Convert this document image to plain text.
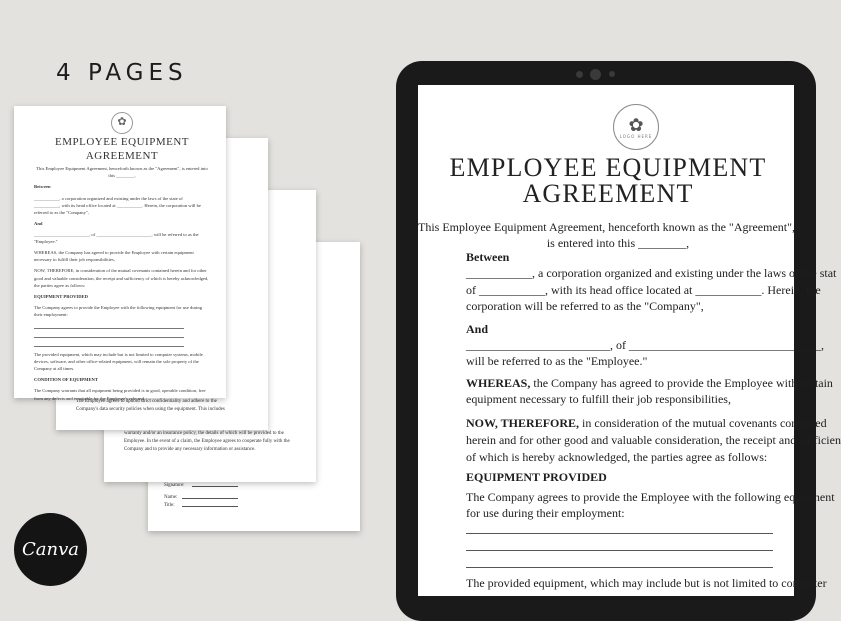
4 PAGES
Signature:
Name:
Title:
warranty and/or an insurance policy, the details of which will be provided to the
Employee. In the event of a claim, the Employee agrees to cooperate fully with the
Company and to provide any necessary information or assistance.
The Employee agrees to uphold strict confidentiality and adhere to the
Company's data security policies when using the equipment. This includes
✿
EMPLOYEE EQUIPMENT
AGREEMENT

This Employee Equipment Agreement, henceforth known as the "Agreement", is entered into this ________,

Between

___________, a corporation organized and existing under the laws of the state of ___________, with its head office located at ___________. Herein, the corporation will be referred to as the "Company",

And

________________________, of ________________________, will be referred to as the "Employee."

WHEREAS, the Company has agreed to provide the Employee with certain equipment necessary to fulfill their job responsibilities,

NOW, THEREFORE, in consideration of the mutual covenants contained herein and for other good and valuable consideration, the receipt and sufficiency of which is hereby acknowledged, the parties agree as follows:

EQUIPMENT PROVIDED

The Company agrees to provide the Employee with the following equipment for use during their employment:

The provided equipment, which may include but is not limited to computer systems, mobile devices, software, and other office-related equipment, will remain the sole property of the Company at all times.

CONDITION OF EQUIPMENT

The Company warrants that all equipment being provided is in good, operable condition, free from any defects and is suitable for the Employee's role and

Canva
✿
LOGO HERE
EMPLOYEE EQUIPMENT
AGREEMENT
This Employee Equipment Agreement, henceforth known as the "Agreement",
is entered into this ________,
Between
___________, a corporation organized and existing under the laws of the stat
of ___________, with its head office located at ___________. Herein, the
corporation will be referred to as the "Company",
And
________________________, of ________________________________,
will be referred to as the "Employee."
WHEREAS, the Company has agreed to provide the Employee with certain
equipment necessary to fulfill their job responsibilities,
NOW, THEREFORE, in consideration of the mutual covenants contained
herein and for other good and valuable consideration, the receipt and sufficien
of which is hereby acknowledged, the parties agree as follows:
EQUIPMENT PROVIDED
The Company agrees to provide the Employee with the following equipment
for use during their employment:
The provided equipment, which may include but is not limited to computer
